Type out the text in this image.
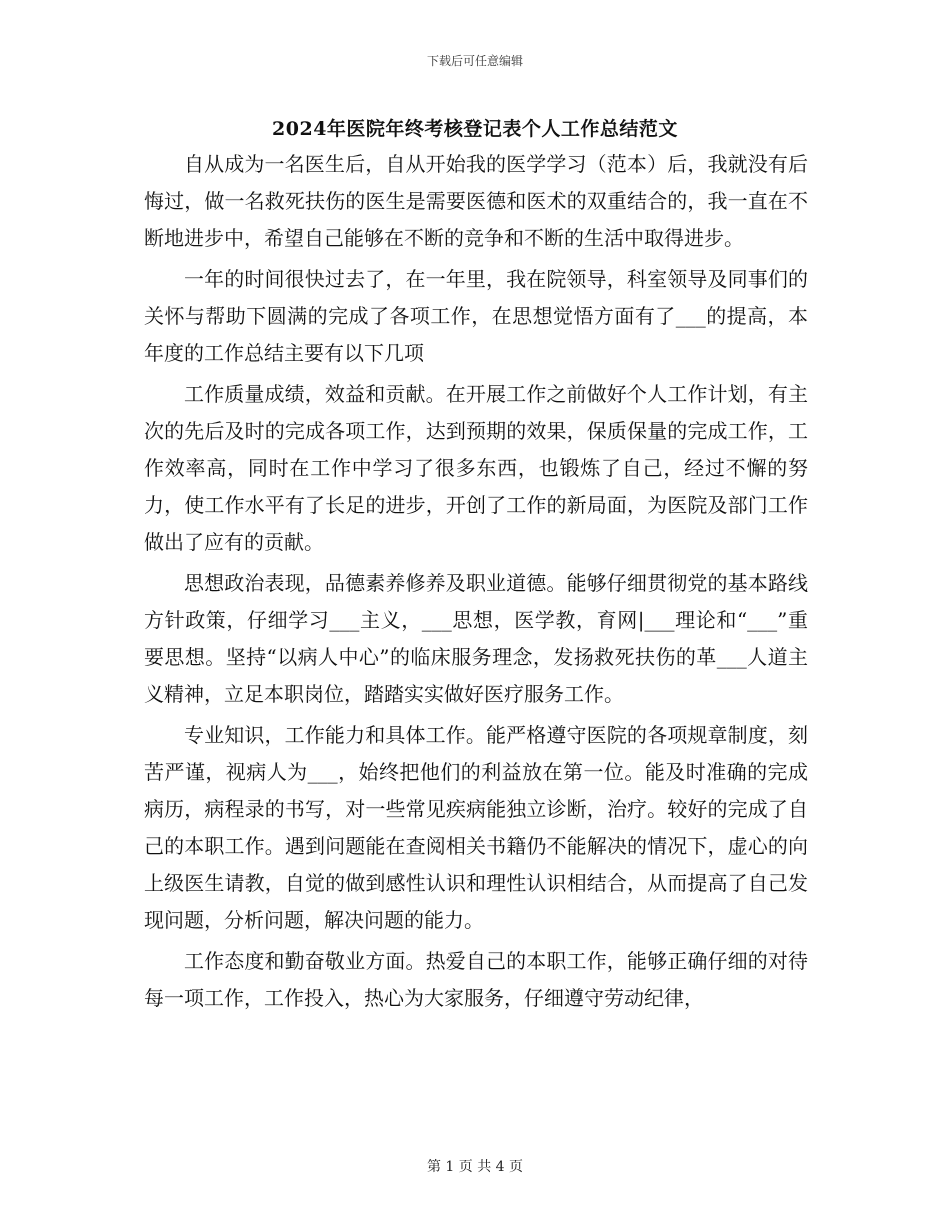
下载后可任意编辑
2024年医院年终考核登记表个人工作总结范文

自从成为一名医生后，自从开始我的医学学习（范本）后，我就没有后悔过，做一名救死扶伤的医生是需要医德和医术的双重结合的，我一直在不断地进步中，希望自己能够在不断的竞争和不断的生活中取得进步。

一年的时间很快过去了，在一年里，我在院领导，科室领导及同事们的关怀与帮助下圆满的完成了各项工作，在思想觉悟方面有了___的提高，本年度的工作总结主要有以下几项

工作质量成绩，效益和贡献。在开展工作之前做好个人工作计划，有主次的先后及时的完成各项工作，达到预期的效果，保质保量的完成工作，工作效率高，同时在工作中学习了很多东西，也锻炼了自己，经过不懈的努力，使工作水平有了长足的进步，开创了工作的新局面，为医院及部门工作做出了应有的贡献。

思想政治表现，品德素养修养及职业道德。能够仔细贯彻党的基本路线方针政策，仔细学习___主义，___思想，医学教，育网|___理论和“___”重要思想。坚持“以病人中心”的临床服务理念，发扬救死扶伤的革___人道主义精神，立足本职岗位，踏踏实实做好医疗服务工作。

专业知识，工作能力和具体工作。能严格遵守医院的各项规章制度，刻苦严谨，视病人为___，始终把他们的利益放在第一位。能及时准确的完成病历，病程录的书写，对一些常见疾病能独立诊断，治疗。较好的完成了自己的本职工作。遇到问题能在查阅相关书籍仍不能解决的情况下，虚心的向上级医生请教，自觉的做到感性认识和理性认识相结合，从而提高了自己发现问题，分析问题，解决问题的能力。

工作态度和勤奋敬业方面。热爱自己的本职工作，能够正确仔细的对待每一项工作，工作投入，热心为大家服务，仔细遵守劳动纪律，

第 1 页 共 4 页
